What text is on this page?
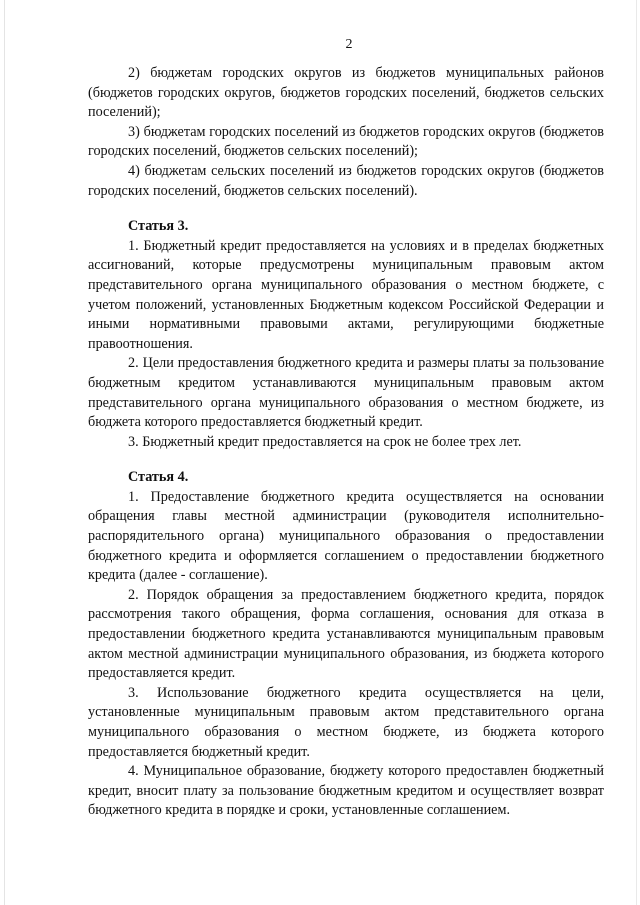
2

2) бюджетам городских округов из бюджетов муниципальных районов (бюджетов городских округов, бюджетов городских поселений, бюджетов сельских поселений);

3) бюджетам городских поселений из бюджетов городских округов (бюджетов городских поселений, бюджетов сельских поселений);

4) бюджетам сельских поселений из бюджетов городских округов (бюджетов городских поселений, бюджетов сельских поселений).

Статья 3.

1. Бюджетный кредит предоставляется на условиях и в пределах бюджетных ассигнований, которые предусмотрены муниципальным правовым актом представительного органа муниципального образования о местном бюджете, с учетом положений, установленных Бюджетным кодексом Российской Федерации и иными нормативными правовыми актами, регулирующими бюджетные правоотношения.

2. Цели предоставления бюджетного кредита и размеры платы за пользование бюджетным кредитом устанавливаются муниципальным правовым актом представительного органа муниципального образования о местном бюджете, из бюджета которого предоставляется бюджетный кредит.

3. Бюджетный кредит предоставляется на срок не более трех лет.

Статья 4.

1. Предоставление бюджетного кредита осуществляется на основании обращения главы местной администрации (руководителя исполнительно-распорядительного органа) муниципального образования о предоставлении бюджетного кредита и оформляется соглашением о предоставлении бюджетного кредита (далее - соглашение).

2. Порядок обращения за предоставлением бюджетного кредита, порядок рассмотрения такого обращения, форма соглашения, основания для отказа в предоставлении бюджетного кредита устанавливаются муниципальным правовым актом местной администрации муниципального образования, из бюджета которого предоставляется кредит.

3. Использование бюджетного кредита осуществляется на цели, установленные муниципальным правовым актом представительного органа муниципального образования о местном бюджете, из бюджета которого предоставляется бюджетный кредит.

4. Муниципальное образование, бюджету которого предоставлен бюджетный кредит, вносит плату за пользование бюджетным кредитом и осуществляет возврат бюджетного кредита в порядке и сроки, установленные соглашением.
